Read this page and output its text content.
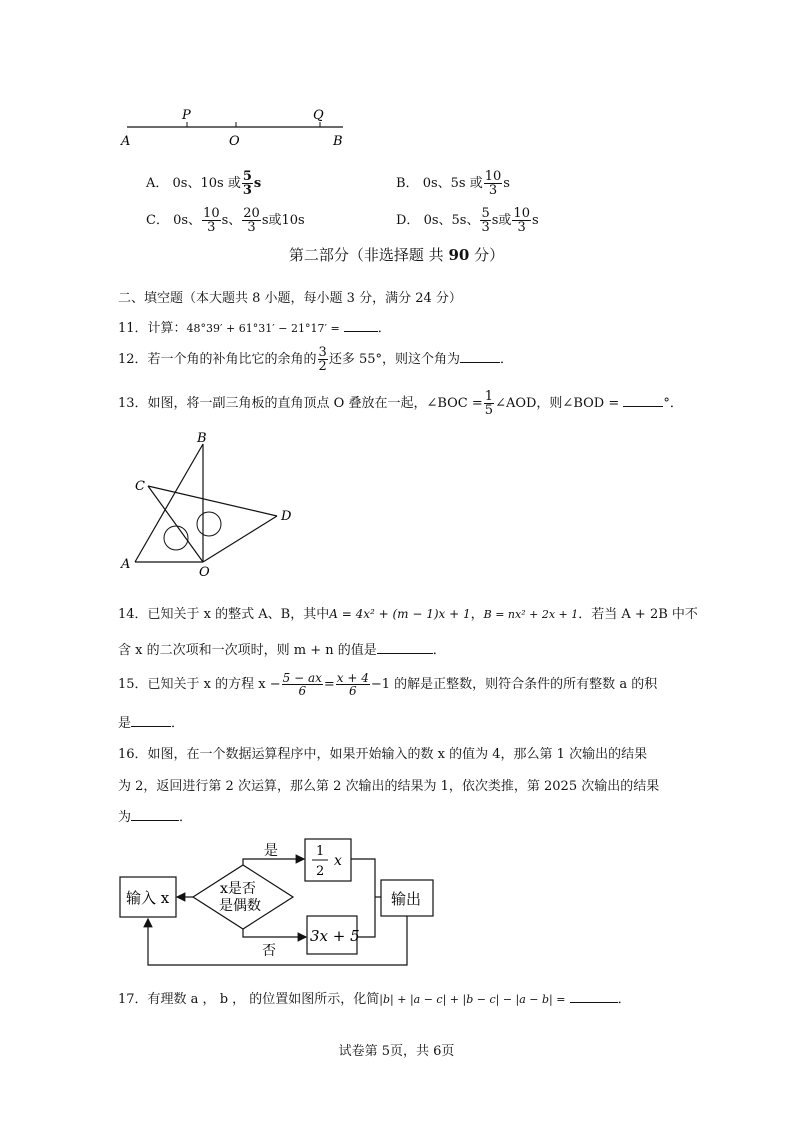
A
P
O
Q
B
A． 0s、10s 或 $\frac{5}{3}$ s	B． 0s、5s 或 $\frac{10}{3}$ s
C． 0s、 $\frac{10}{3}$ s、 $\frac{20}{3}$ s或10s	D． 0s、5s、 $\frac{5}{3}$ s或 $\frac{10}{3}$ s
第二部分（非选择题 共 90 分）
二、填空题（本大题共 8 小题，每小题 3 分，满分 24 分）
11．计算：48°39′ + 61°31′ − 21°17′ =	．
12．若一个角的补角比它的余角的 $\frac{3}{2}$ 还多 55°，则这个角为	．
13．如图，将一副三角板的直角顶点 O 叠放在一起，∠BOC = $\frac{1}{5}$ ∠AOD，则∠BOD =	°．
B
C
D
A
O
14．已知关于 x 的整式 A、B，其中A = 4x² + (m − 1)x + 1，B = nx² + 2x + 1．若当 A + 2B 中不
含 x 的二次项和一次项时，则 m + n 的值是	．
15．已知关于 x 的方程 $x - \frac{5 - ax}{6} = \frac{x + 4}{6} -1$ 的解是正整数，则符合条件的所有整数 a 的积
是	．
16．如图，在一个数据运算程序中，如果开始输入的数 x 的值为 4，那么第 1 次输出的结果
为 2，返回进行第 2 次运算，那么第 2 次输出的结果为 1，依次类推，第 2025 次输出的结果
为	．
输入 x	x是否
是偶数
是	1
2
x
否
3x + 5
输出
17．有理数 a ， b ， 的位置如图所示，化简|b| + |a − c| + |b − c| − |a − b| =	．
试卷第 5页，共 6页
